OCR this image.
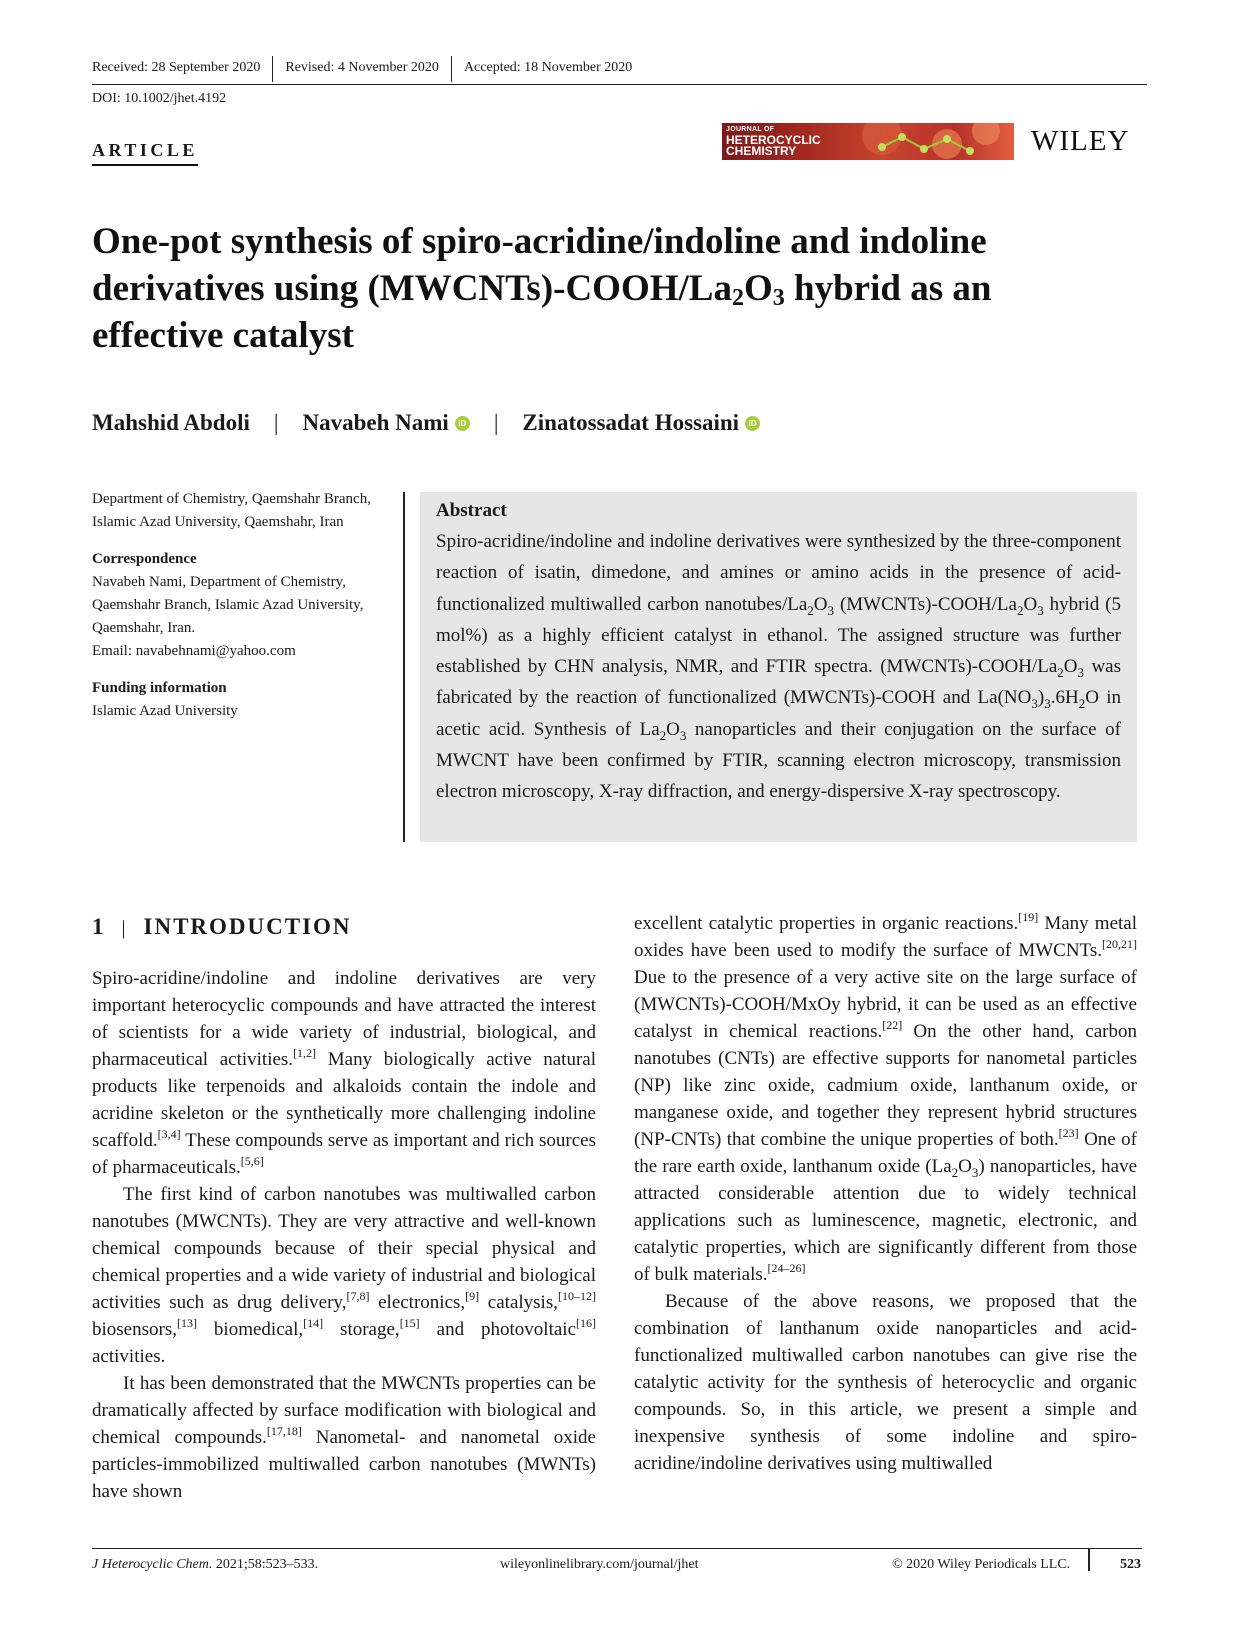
Received: 28 September 2020	Revised: 4 November 2020	Accepted: 18 November 2020
DOI: 10.1002/jhet.4192
ARTICLE
JOURNAL OF
HETEROCYCLIC
CHEMISTRY	WILEY
One-pot synthesis of spiro-acridine/indoline and indoline
derivatives using $(MWCNTs)-COOH/La_2O_3$ hybrid as an
effective catalyst
Mahshid Abdoli | Navabeh Nami	iD | Zinatossadat Hossaini	iD
Department of Chemistry, Qaemshahr Branch, Islamic Azad University, Qaemshahr, Iran
Correspondence
Navabeh Nami, Department of Chemistry, Qaemshahr Branch, Islamic Azad University, Qaemshahr, Iran.
Email: navabehnami@yahoo.com
Funding information
Islamic Azad University
Abstract
Spiro-acridine/indoline and indoline derivatives were synthesized by the three-component reaction of isatin, dimedone, and amines or amino acids in the presence of acid-functionalized multiwalled carbon nanotubes/$La_2O_3$ $(MWCNTs)-COOH/La_2O_3$ hybrid (5 mol%) as a highly efficient catalyst in ethanol. The assigned structure was further established by CHN analysis, NMR, and FTIR spectra. $(MWCNTs)-COOH/La_2O_3$ was fabricated by the reaction of functionalized (MWCNTs)-COOH and $La(NO_3)_3.6H_2O$ in acetic acid. Synthesis of $La_2O_3$ nanoparticles and their conjugation on the surface of MWCNT have been confirmed by FTIR, scanning electron microscopy, transmission electron microscopy, X-ray diffraction, and energy-dispersive X-ray spectroscopy.
1 | INTRODUCTION

Spiro-acridine/indoline and indoline derivatives are very important heterocyclic compounds and have attracted the interest of scientists for a wide variety of industrial, biological, and pharmaceutical activities.[1,2] Many biologically active natural products like terpenoids and alkaloids contain the indole and acridine skeleton or the synthetically more challenging indoline scaffold.[3,4] These compounds serve as important and rich sources of pharmaceuticals.[5,6]

The first kind of carbon nanotubes was multiwalled carbon nanotubes (MWCNTs). They are very attractive and well-known chemical compounds because of their special physical and chemical properties and a wide variety of industrial and biological activities such as drug delivery,[7,8] electronics,[9] catalysis,[10–12] biosensors,[13] biomedical,[14] storage,[15] and photovoltaic[16] activities.

It has been demonstrated that the MWCNTs properties can be dramatically affected by surface modification with biological and chemical compounds.[17,18] Nanometal- and nanometal oxide particles-immobilized multiwalled carbon nanotubes (MWNTs) have shown

excellent catalytic properties in organic reactions.[19] Many metal oxides have been used to modify the surface of MWCNTs.[20,21] Due to the presence of a very active site on the large surface of (MWCNTs)-COOH/MxOy hybrid, it can be used as an effective catalyst in chemical reactions.[22] On the other hand, carbon nanotubes (CNTs) are effective supports for nanometal particles (NP) like zinc oxide, cadmium oxide, lanthanum oxide, or manganese oxide, and together they represent hybrid structures (NP-CNTs) that combine the unique properties of both.[23] One of the rare earth oxide, lanthanum oxide $(La_2O_3)$ nanoparticles, have attracted considerable attention due to widely technical applications such as luminescence, magnetic, electronic, and catalytic properties, which are significantly different from those of bulk materials.[24–26]

Because of the above reasons, we proposed that the combination of lanthanum oxide nanoparticles and acid-functionalized multiwalled carbon nanotubes can give rise the catalytic activity for the synthesis of heterocyclic and organic compounds. So, in this article, we present a simple and inexpensive synthesis of some indoline and spiro-acridine/indoline derivatives using multiwalled

J Heterocyclic Chem. 2021;58:523–533.	wileyonlinelibrary.com/journal/jhet	© 2020 Wiley Periodicals LLC.	523
